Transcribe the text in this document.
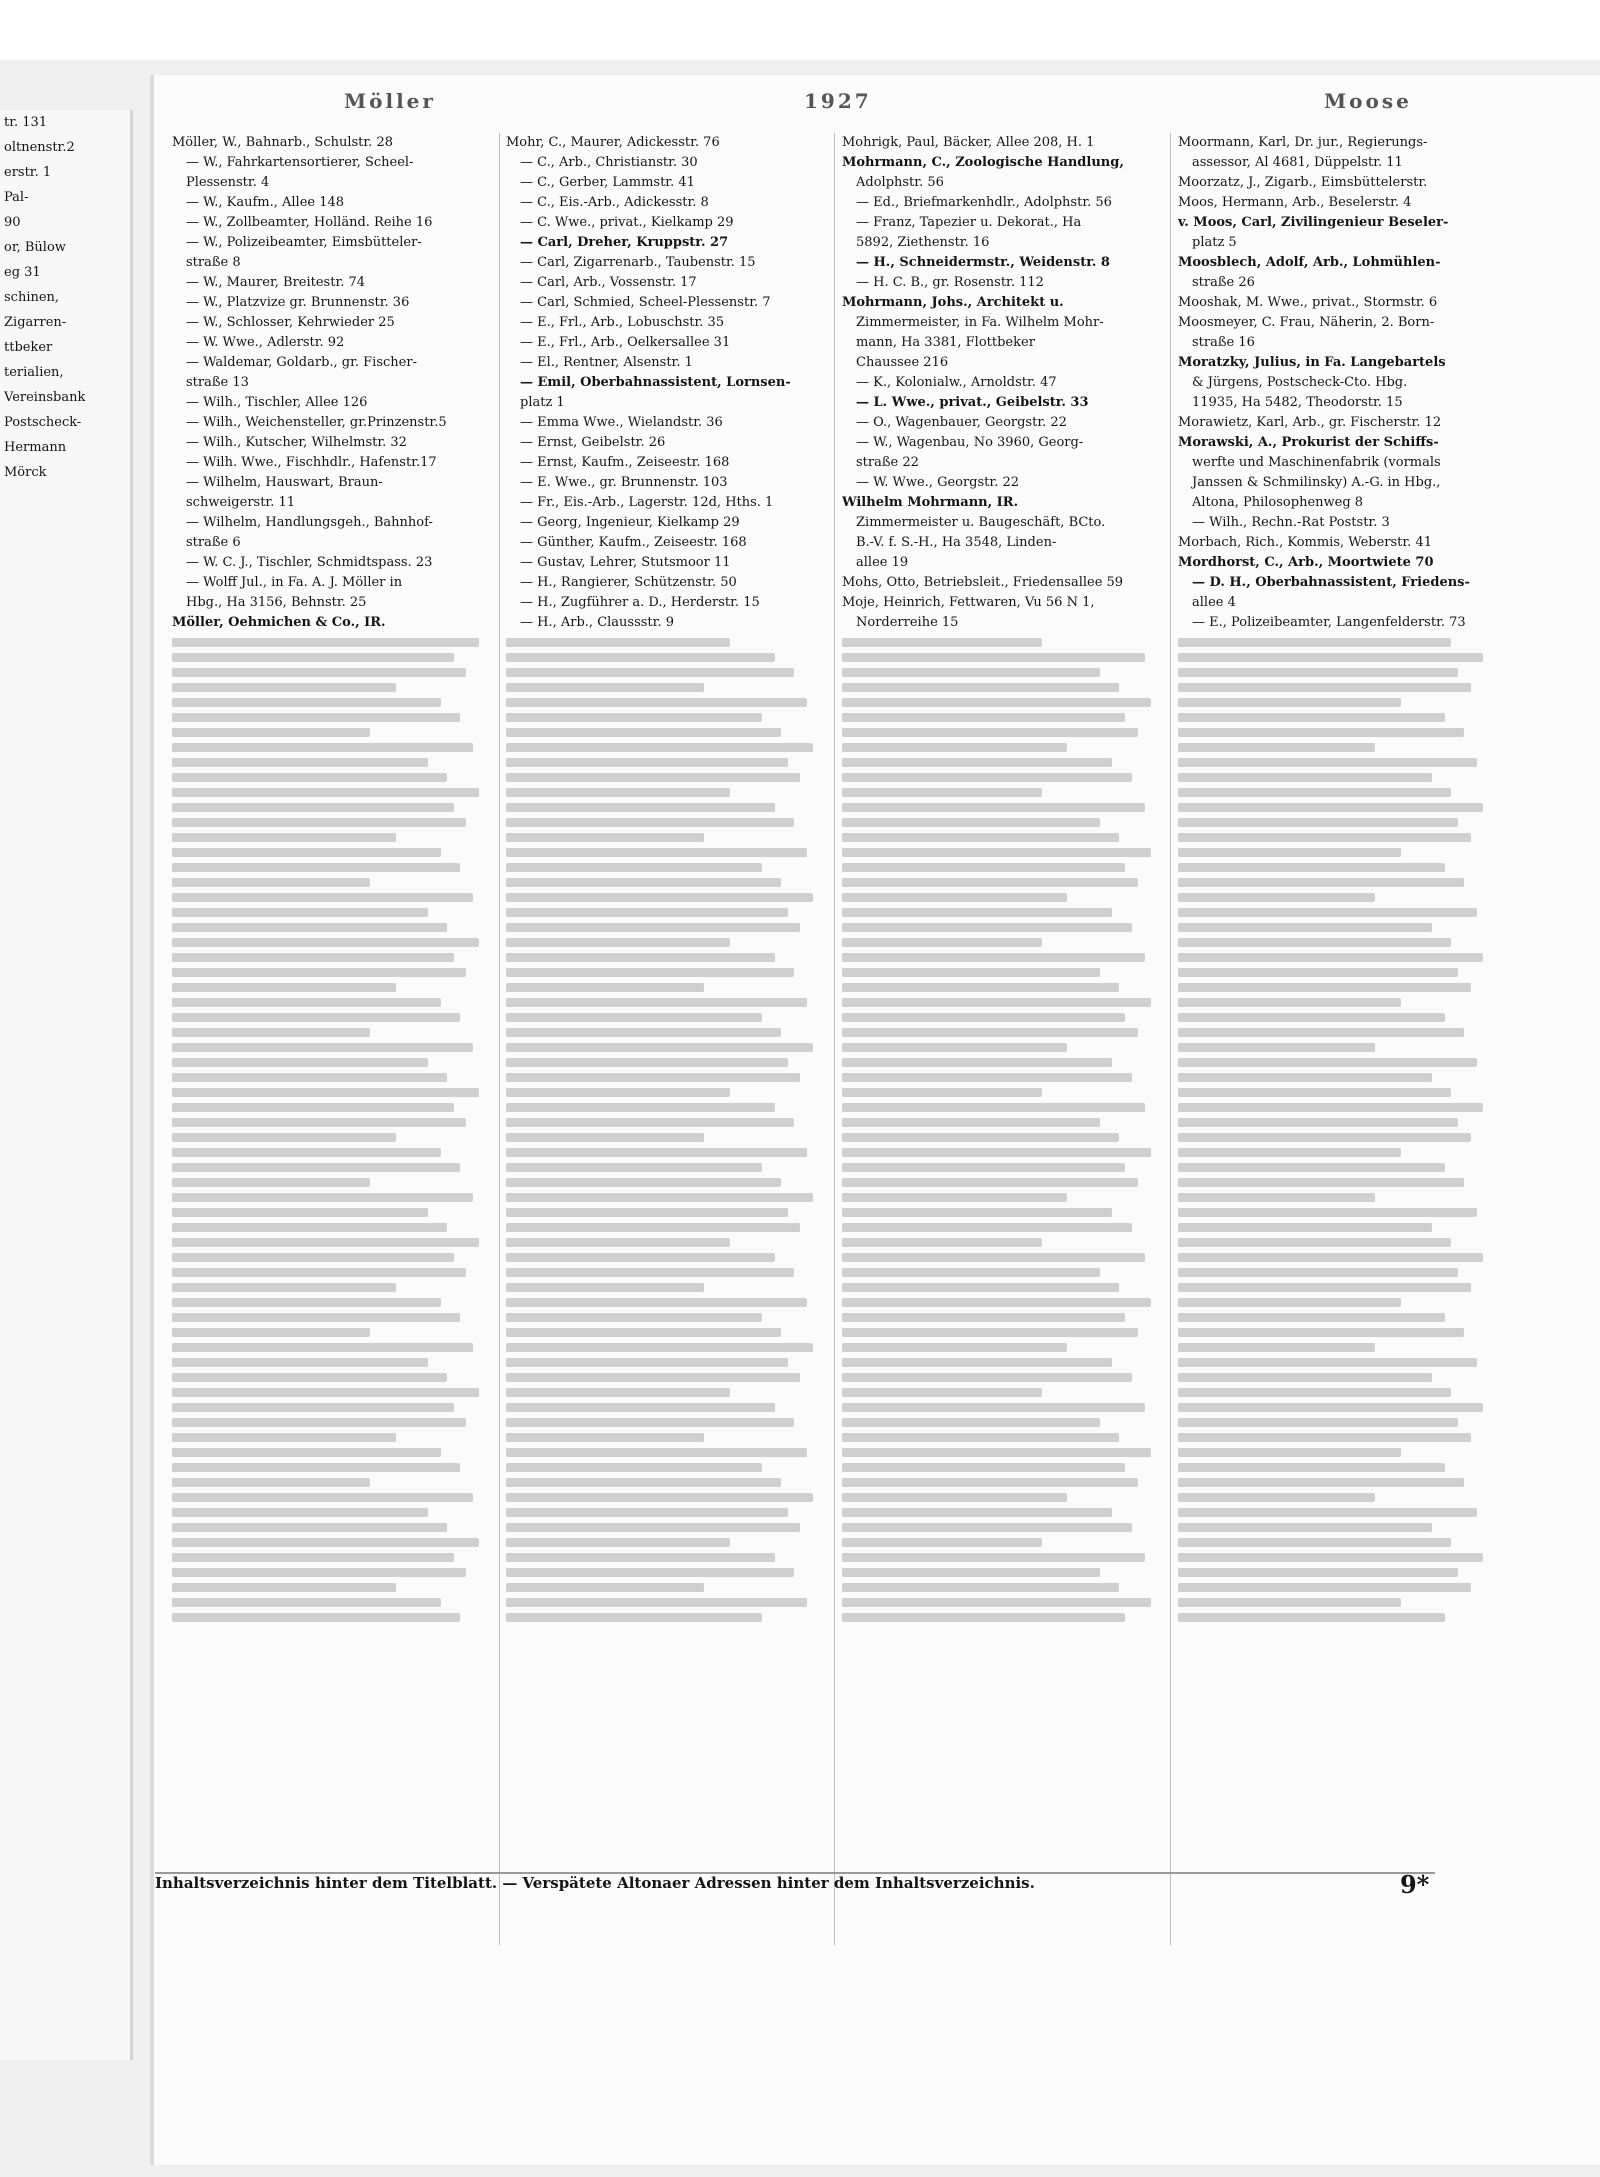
tr. 131
oltnenstr.2
erstr. 1
Pal-
90
or, Bülow
eg 31
schinen,
Zigarren-
ttbeker
terialien,
Vereinsbank
Postscheck-
Hermann
Mörck
Möller	1927	Moose
Möller, W., Bahnarb., Schulstr. 28
— W., Fahrkartensortierer, Scheel-
Plessenstr. 4
— W., Kaufm., Allee 148
— W., Zollbeamter, Holländ. Reihe 16
— W., Polizeibeamter, Eimsbütteler-
straße 8
— W., Maurer, Breitestr. 74
— W., Platzvize gr. Brunnenstr. 36
— W., Schlosser, Kehrwieder 25
— W. Wwe., Adlerstr. 92
— Waldemar, Goldarb., gr. Fischer-
straße 13
— Wilh., Tischler, Allee 126
— Wilh., Weichensteller, gr.Prinzenstr.5
— Wilh., Kutscher, Wilhelmstr. 32
— Wilh. Wwe., Fischhdlr., Hafenstr.17
— Wilhelm, Hauswart, Braun-
schweigerstr. 11
— Wilhelm, Handlungsgeh., Bahnhof-
straße 6
— W. C. J., Tischler, Schmidtspass. 23
— Wolff Jul., in Fa. A. J. Möller in
Hbg., Ha 3156, Behnstr. 25
Möller, Oehmichen & Co., IR.
Mohr, C., Maurer, Adickesstr. 76
— C., Arb., Christianstr. 30
— C., Gerber, Lammstr. 41
— C., Eis.-Arb., Adickesstr. 8
— C. Wwe., privat., Kielkamp 29
— Carl, Dreher, Kruppstr. 27
— Carl, Zigarrenarb., Taubenstr. 15
— Carl, Arb., Vossenstr. 17
— Carl, Schmied, Scheel-Plessenstr. 7
— E., Frl., Arb., Lobuschstr. 35
— E., Frl., Arb., Oelkersallee 31
— El., Rentner, Alsenstr. 1
— Emil, Oberbahnassistent, Lornsen-
platz 1
— Emma Wwe., Wielandstr. 36
— Ernst, Geibelstr. 26
— Ernst, Kaufm., Zeiseestr. 168
— E. Wwe., gr. Brunnenstr. 103
— Fr., Eis.-Arb., Lagerstr. 12d, Hths. 1
— Georg, Ingenieur, Kielkamp 29
— Günther, Kaufm., Zeiseestr. 168
— Gustav, Lehrer, Stutsmoor 11
— H., Rangierer, Schützenstr. 50
— H., Zugführer a. D., Herderstr. 15
— H., Arb., Claussstr. 9
Mohrigk, Paul, Bäcker, Allee 208, H. 1
Mohrmann, C., Zoologische Handlung,
Adolphstr. 56
— Ed., Briefmarkenhdlr., Adolphstr. 56
— Franz, Tapezier u. Dekorat., Ha
5892, Ziethenstr. 16
— H., Schneidermstr., Weidenstr. 8
— H. C. B., gr. Rosenstr. 112
Mohrmann, Johs., Architekt u.
Zimmermeister, in Fa. Wilhelm Mohr-
mann, Ha 3381, Flottbeker
Chaussee 216
— K., Kolonialw., Arnoldstr. 47
— L. Wwe., privat., Geibelstr. 33
— O., Wagenbauer, Georgstr. 22
— W., Wagenbau, No 3960, Georg-
straße 22
— W. Wwe., Georgstr. 22
Wilhelm Mohrmann, IR.
Zimmermeister u. Baugeschäft, BCto.
B.-V. f. S.-H., Ha 3548, Linden-
allee 19
Mohs, Otto, Betriebsleit., Friedensallee 59
Moje, Heinrich, Fettwaren, Vu 56 N 1,
Norderreihe 15
Moormann, Karl, Dr. jur., Regierungs-
assessor, Al 4681, Düppelstr. 11
Moorzatz, J., Zigarb., Eimsbüttelerstr.
Moos, Hermann, Arb., Beselerstr. 4
v. Moos, Carl, Zivilingenieur Beseler-
platz 5
Moosblech, Adolf, Arb., Lohmühlen-
straße 26
Mooshak, M. Wwe., privat., Stormstr. 6
Moosmeyer, C. Frau, Näherin, 2. Born-
straße 16
Moratzky, Julius, in Fa. Langebartels
& Jürgens, Postscheck-Cto. Hbg.
11935, Ha 5482, Theodorstr. 15
Morawietz, Karl, Arb., gr. Fischerstr. 12
Morawski, A., Prokurist der Schiffs-
werfte und Maschinenfabrik (vormals
Janssen & Schmilinsky) A.-G. in Hbg.,
Altona, Philosophenweg 8
— Wilh., Rechn.-Rat Poststr. 3
Morbach, Rich., Kommis, Weberstr. 41
Mordhorst, C., Arb., Moortwiete 70
— D. H., Oberbahnassistent, Friedens-
allee 4
— E., Polizeibeamter, Langenfelderstr. 73
Inhaltsverzeichnis hinter dem Titelblatt. — Verspätete Altonaer Adressen hinter dem Inhaltsverzeichnis.	9*
